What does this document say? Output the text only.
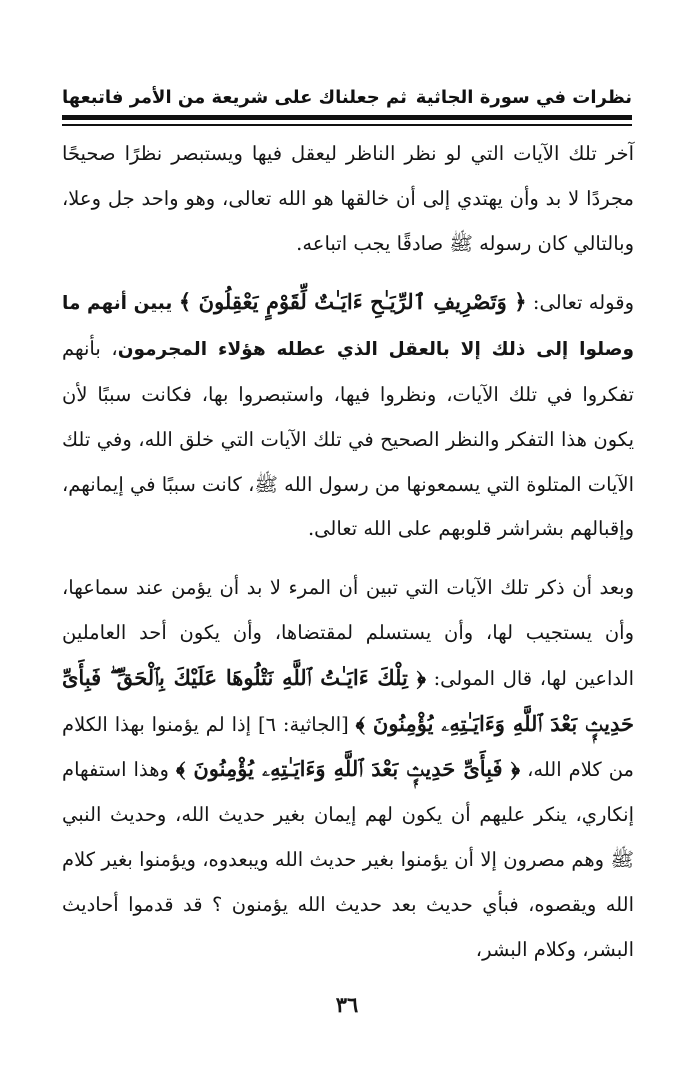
نظرات في سورة الجاثية
ثم جعلناك على شريعة من الأمر فاتبعها

آخر تلك الآيات التي لو نظر الناظر ليعقل فيها ويستبصر نظرًا صحيحًا مجردًا لا بد وأن يهتدي إلى أن خالقها هو الله تعالى، وهو واحد جل وعلا، وبالتالي كان رسوله ﷺ صادقًا يجب اتباعه.

وقوله تعالى: ﴿ وَتَصْرِيفِ ٱلرِّيَـٰحِ ءَايَـٰتٌ لِّقَوْمٍ يَعْقِلُونَ ﴾ يبين أنهم ما وصلوا إلى ذلك إلا بالعقل الذي عطله هؤلاء المجرمون، بأنهم تفكروا في تلك الآيات، ونظروا فيها، واستبصروا بها، فكانت سببًا لأن يكون هذا التفكر والنظر الصحيح في تلك الآيات التي خلق الله، وفي تلك الآيات المتلوة التي يسمعونها من رسول الله ﷺ، كانت سببًا في إيمانهم، وإقبالهم بشراشر قلوبهم على الله تعالى.

وبعد أن ذكر تلك الآيات التي تبين أن المرء لا بد أن يؤمن عند سماعها، وأن يستجيب لها، وأن يستسلم لمقتضاها، وأن يكون أحد العاملين الداعين لها، قال المولى: ﴿ تِلْكَ ءَايَـٰتُ ٱللَّهِ نَتْلُوهَا عَلَيْكَ بِٱلْحَقِّ ۖ فَبِأَىِّ حَدِيثٍۭ بَعْدَ ٱللَّهِ وَءَايَـٰتِهِۦ يُؤْمِنُونَ ﴾ [الجاثية: ٦] إذا لم يؤمنوا بهذا الكلام من كلام الله، ﴿ فَبِأَىِّ حَدِيثٍۭ بَعْدَ ٱللَّهِ وَءَايَـٰتِهِۦ يُؤْمِنُونَ ﴾ وهذا استفهام إنكاري، ينكر عليهم أن يكون لهم إيمان بغير حديث الله، وحديث النبي ﷺ وهم مصرون إلا أن يؤمنوا بغير حديث الله ويبعدوه، ويؤمنوا بغير كلام الله ويقصوه، فبأي حديث بعد حديث الله يؤمنون ؟ قد قدموا أحاديث البشر، وكلام البشر،

٣٦
